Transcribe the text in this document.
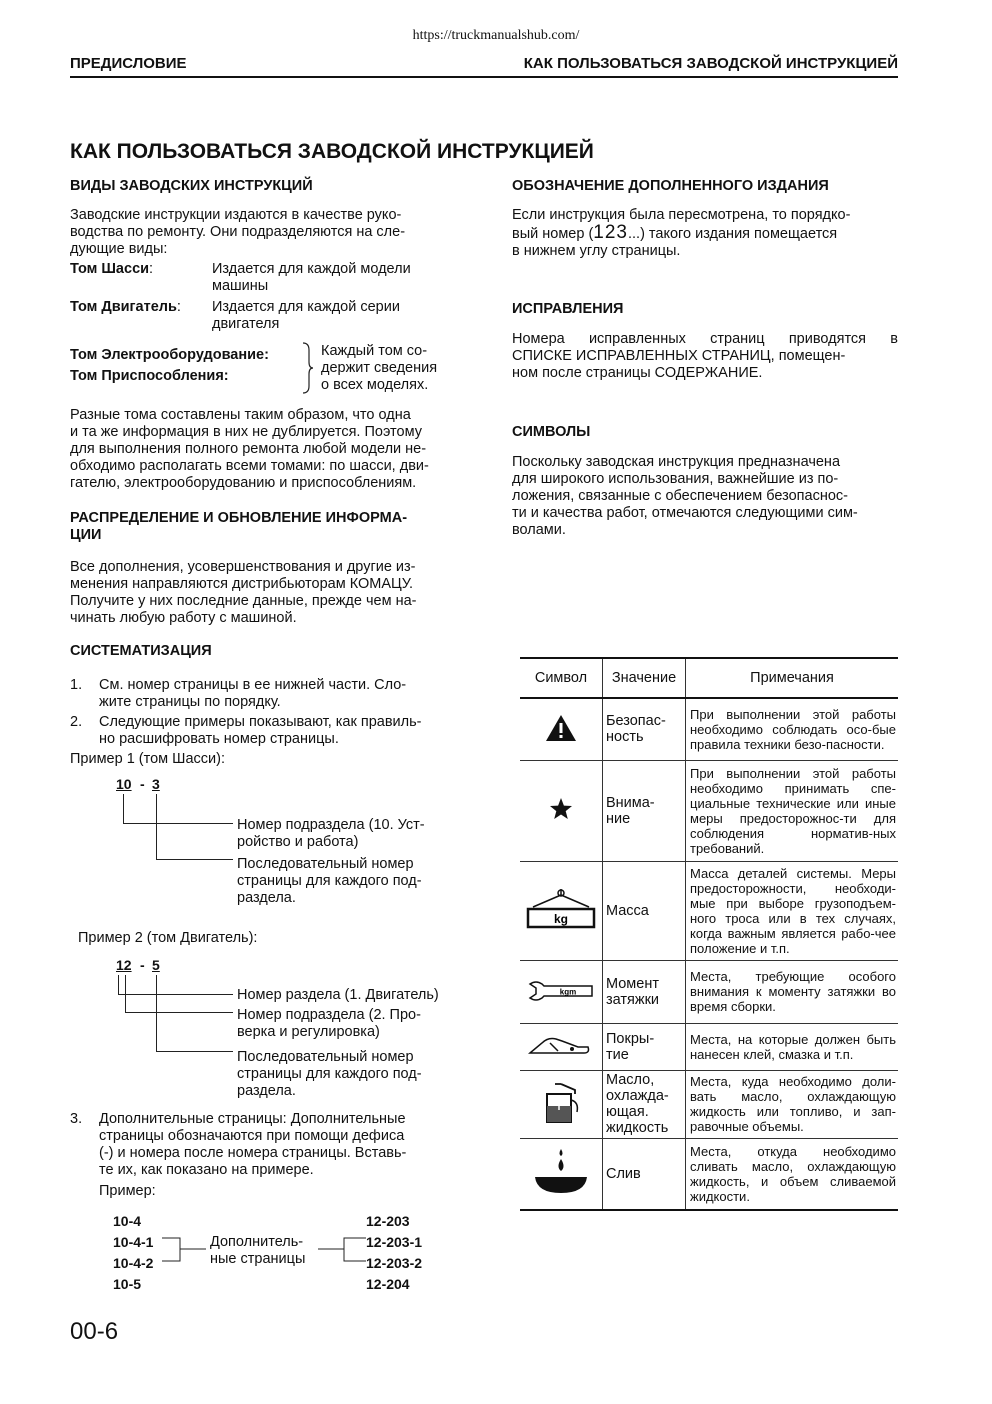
https://truckmanualshub.com/
ПРЕДИСЛОВИЕ	КАК ПОЛЬЗОВАТЬСЯ ЗАВОДСКОЙ ИНСТРУКЦИЕЙ
КАК ПОЛЬЗОВАТЬСЯ ЗАВОДСКОЙ ИНСТРУКЦИЕЙ
ВИДЫ ЗАВОДСКИХ ИНСТРУКЦИЙ
Заводские инструкции издаются в качестве руко-
водства по ремонту. Они подразделяются на сле-
дующие виды:
Том Шасси:	Издается для каждой модели
машины
Том Двигатель: Издается для каждой серии
двигателя
Том Электрооборудование:
Том Приспособления:
Каждый том со-
держит сведения
о всех моделях.
Разные тома составлены таким образом, что одна
и та же информация в них не дублируется. Поэтому
для выполнения полного ремонта любой модели не-
обходимо располагать всеми томами: по шасси, дви-
гателю, электрооборудованию и приспособлениям.
РАСПРЕДЕЛЕНИЕ И ОБНОВЛЕНИЕ ИНФОРМА-
ЦИИ
Все дополнения, усовершенствования и другие из-
менения направляются дистрибьюторам КОМАЦУ.
Получите у них последние данные, прежде чем на-
чинать любую работу с машиной.
СИСТЕМАТИЗАЦИЯ
1. См. номер страницы в ее нижней части. Сло-
жите страницы по порядку.
2. Следующие примеры показывают, как правиль-
но расшифровать номер страницы.
Пример 1 (том Шасси):
10 - 3
Номер подраздела (10. Уст-
ройство и работа)
Последовательный номер
страницы для каждого под-
раздела.
Пример 2 (том Двигатель):
12 - 5
Номер раздела (1. Двигатель)
Номер подраздела (2. Про-
верка и регулировка)
Последовательный номер
страницы для каждого под-
раздела.
3. Дополнительные страницы: Дополнительные
страницы обозначаются при помощи дефиса
(-) и номера после номера страницы. Вставь-
те их, как показано на примере.
Пример:
10-4
10-4-1
10-4-2
10-5
Дополнитель-
ные страницы
12-203
12-203-1
12-203-2
12-204
00-6
ОБОЗНАЧЕНИЕ ДОПОЛНЕННОГО ИЗДАНИЯ
Если инструкция была пересмотрена, то порядко-
вый номер (123...) такого издания помещается
в нижнем углу страницы.
ИСПРАВЛЕНИЯ
Номера исправленных страниц приводятся в
СПИСКЕ ИСПРАВЛЕННЫХ СТРАНИЦ, помещен-
ном после страницы СОДЕРЖАНИЕ.
СИМВОЛЫ
Поскольку заводская инструкция предназначена
для широкого использования, важнейшие из по-
ложения, связанные с обеспечением безопаснос-
ти и качества работ, отмечаются следующими сим-
волами.
Символ	Значение	Примечания

Безопас-
ность	При выполнении этой работы необходимо соблюдать осо-бые правила техники безо-пасности.

Внима-
ние	При выполнении этой работы необходимо принимать спе-циальные технические или иные меры предосторожнос-ти для соблюдения норматив-ных требований.

kg	Масса	Масса деталей системы. Меры предосторожности, необходи-мые при выборе грузоподъем-ного троса или в тех случаях, когда важным является рабо-чее положение и т.п.

kgm	Момент
затяжки	Места, требующие особого внимания к моменту затяжки во время сборки.

Покры-
тие	Места, на которые должен быть нанесен клей, смазка и т.п.

Масло,
охлажда-
ющая.
жидкость	Места, куда необходимо доли-вать масло, охлаждающую жидкость или топливо, и зап-равочные объемы.

Слив	Места, откуда необходимо сливать масло, охлаждающую жидкость, и объем сливаемой жидкости.
